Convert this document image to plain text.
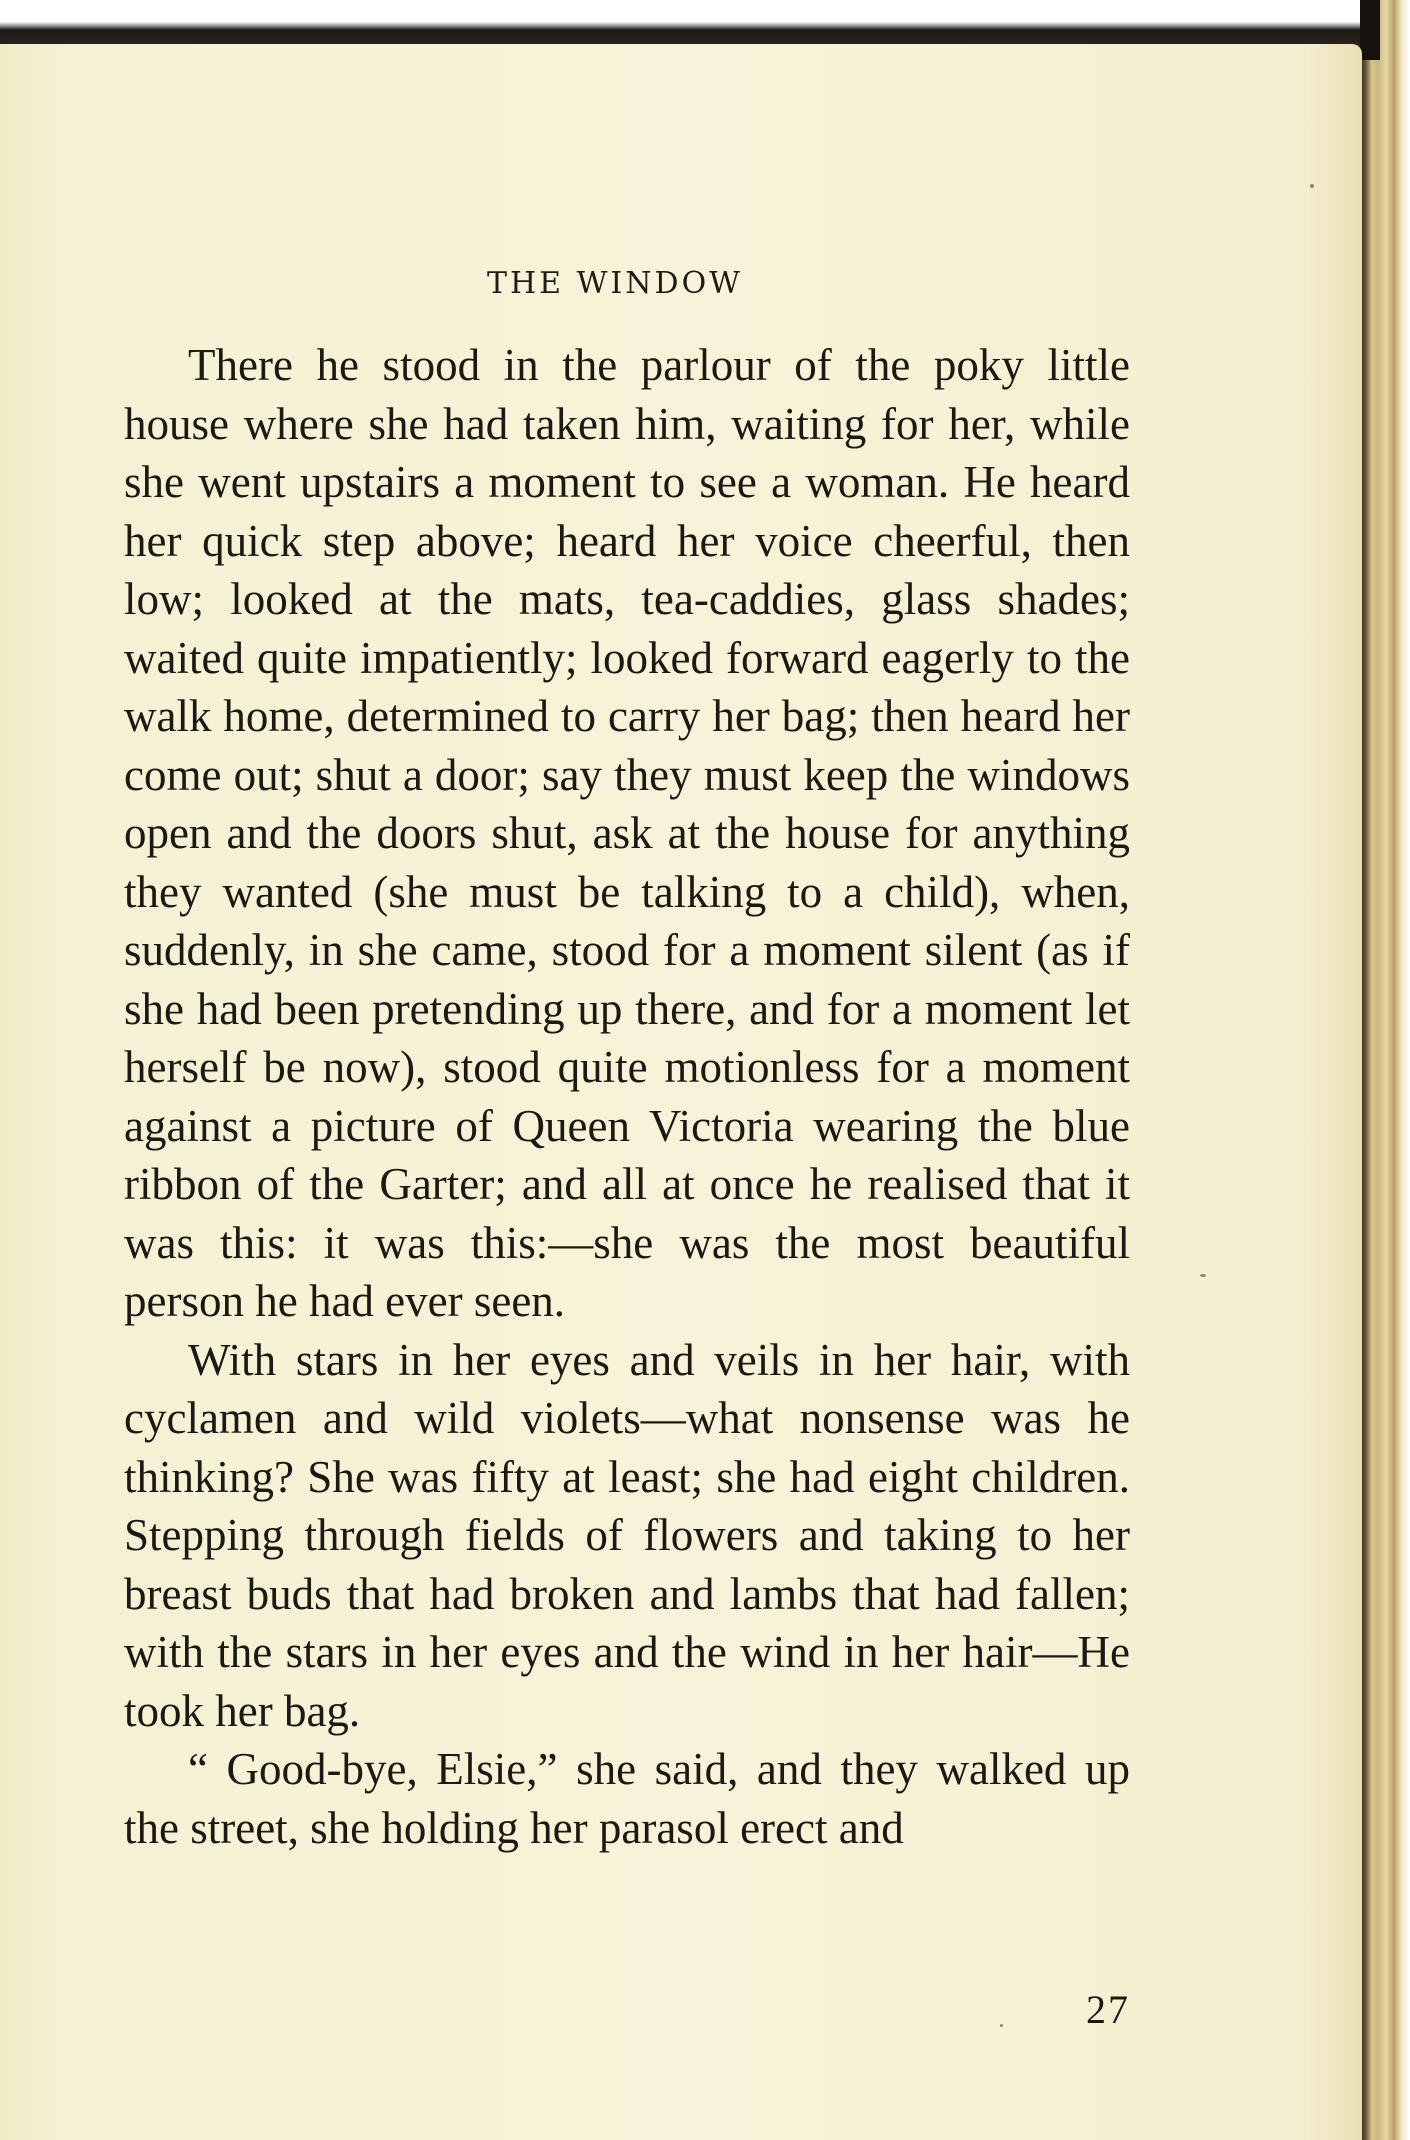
THE WINDOW

There he stood in the parlour of the poky little house where she had taken him, waiting for her, while she went upstairs a moment to see a woman. He heard her quick step above; heard her voice cheerful, then low; looked at the mats, tea-caddies, glass shades; waited quite impatiently; looked forward eagerly to the walk home, determined to carry her bag; then heard her come out; shut a door; say they must keep the windows open and the doors shut, ask at the house for anything they wanted (she must be talking to a child), when, suddenly, in she came, stood for a moment silent (as if she had been pretending up there, and for a moment let herself be now), stood quite motionless for a moment against a picture of Queen Victoria wearing the blue ribbon of the Garter; and all at once he realised that it was this: it was this:—she was the most beautiful person he had ever seen.

With stars in her eyes and veils in her hair, with cyclamen and wild violets—what nonsense was he thinking? She was fifty at least; she had eight children. Stepping through fields of flowers and taking to her breast buds that had broken and lambs that had fallen; with the stars in her eyes and the wind in her hair—He took her bag.

“ Good-bye, Elsie,” she said, and they walked up the street, she holding her parasol erect and

27
